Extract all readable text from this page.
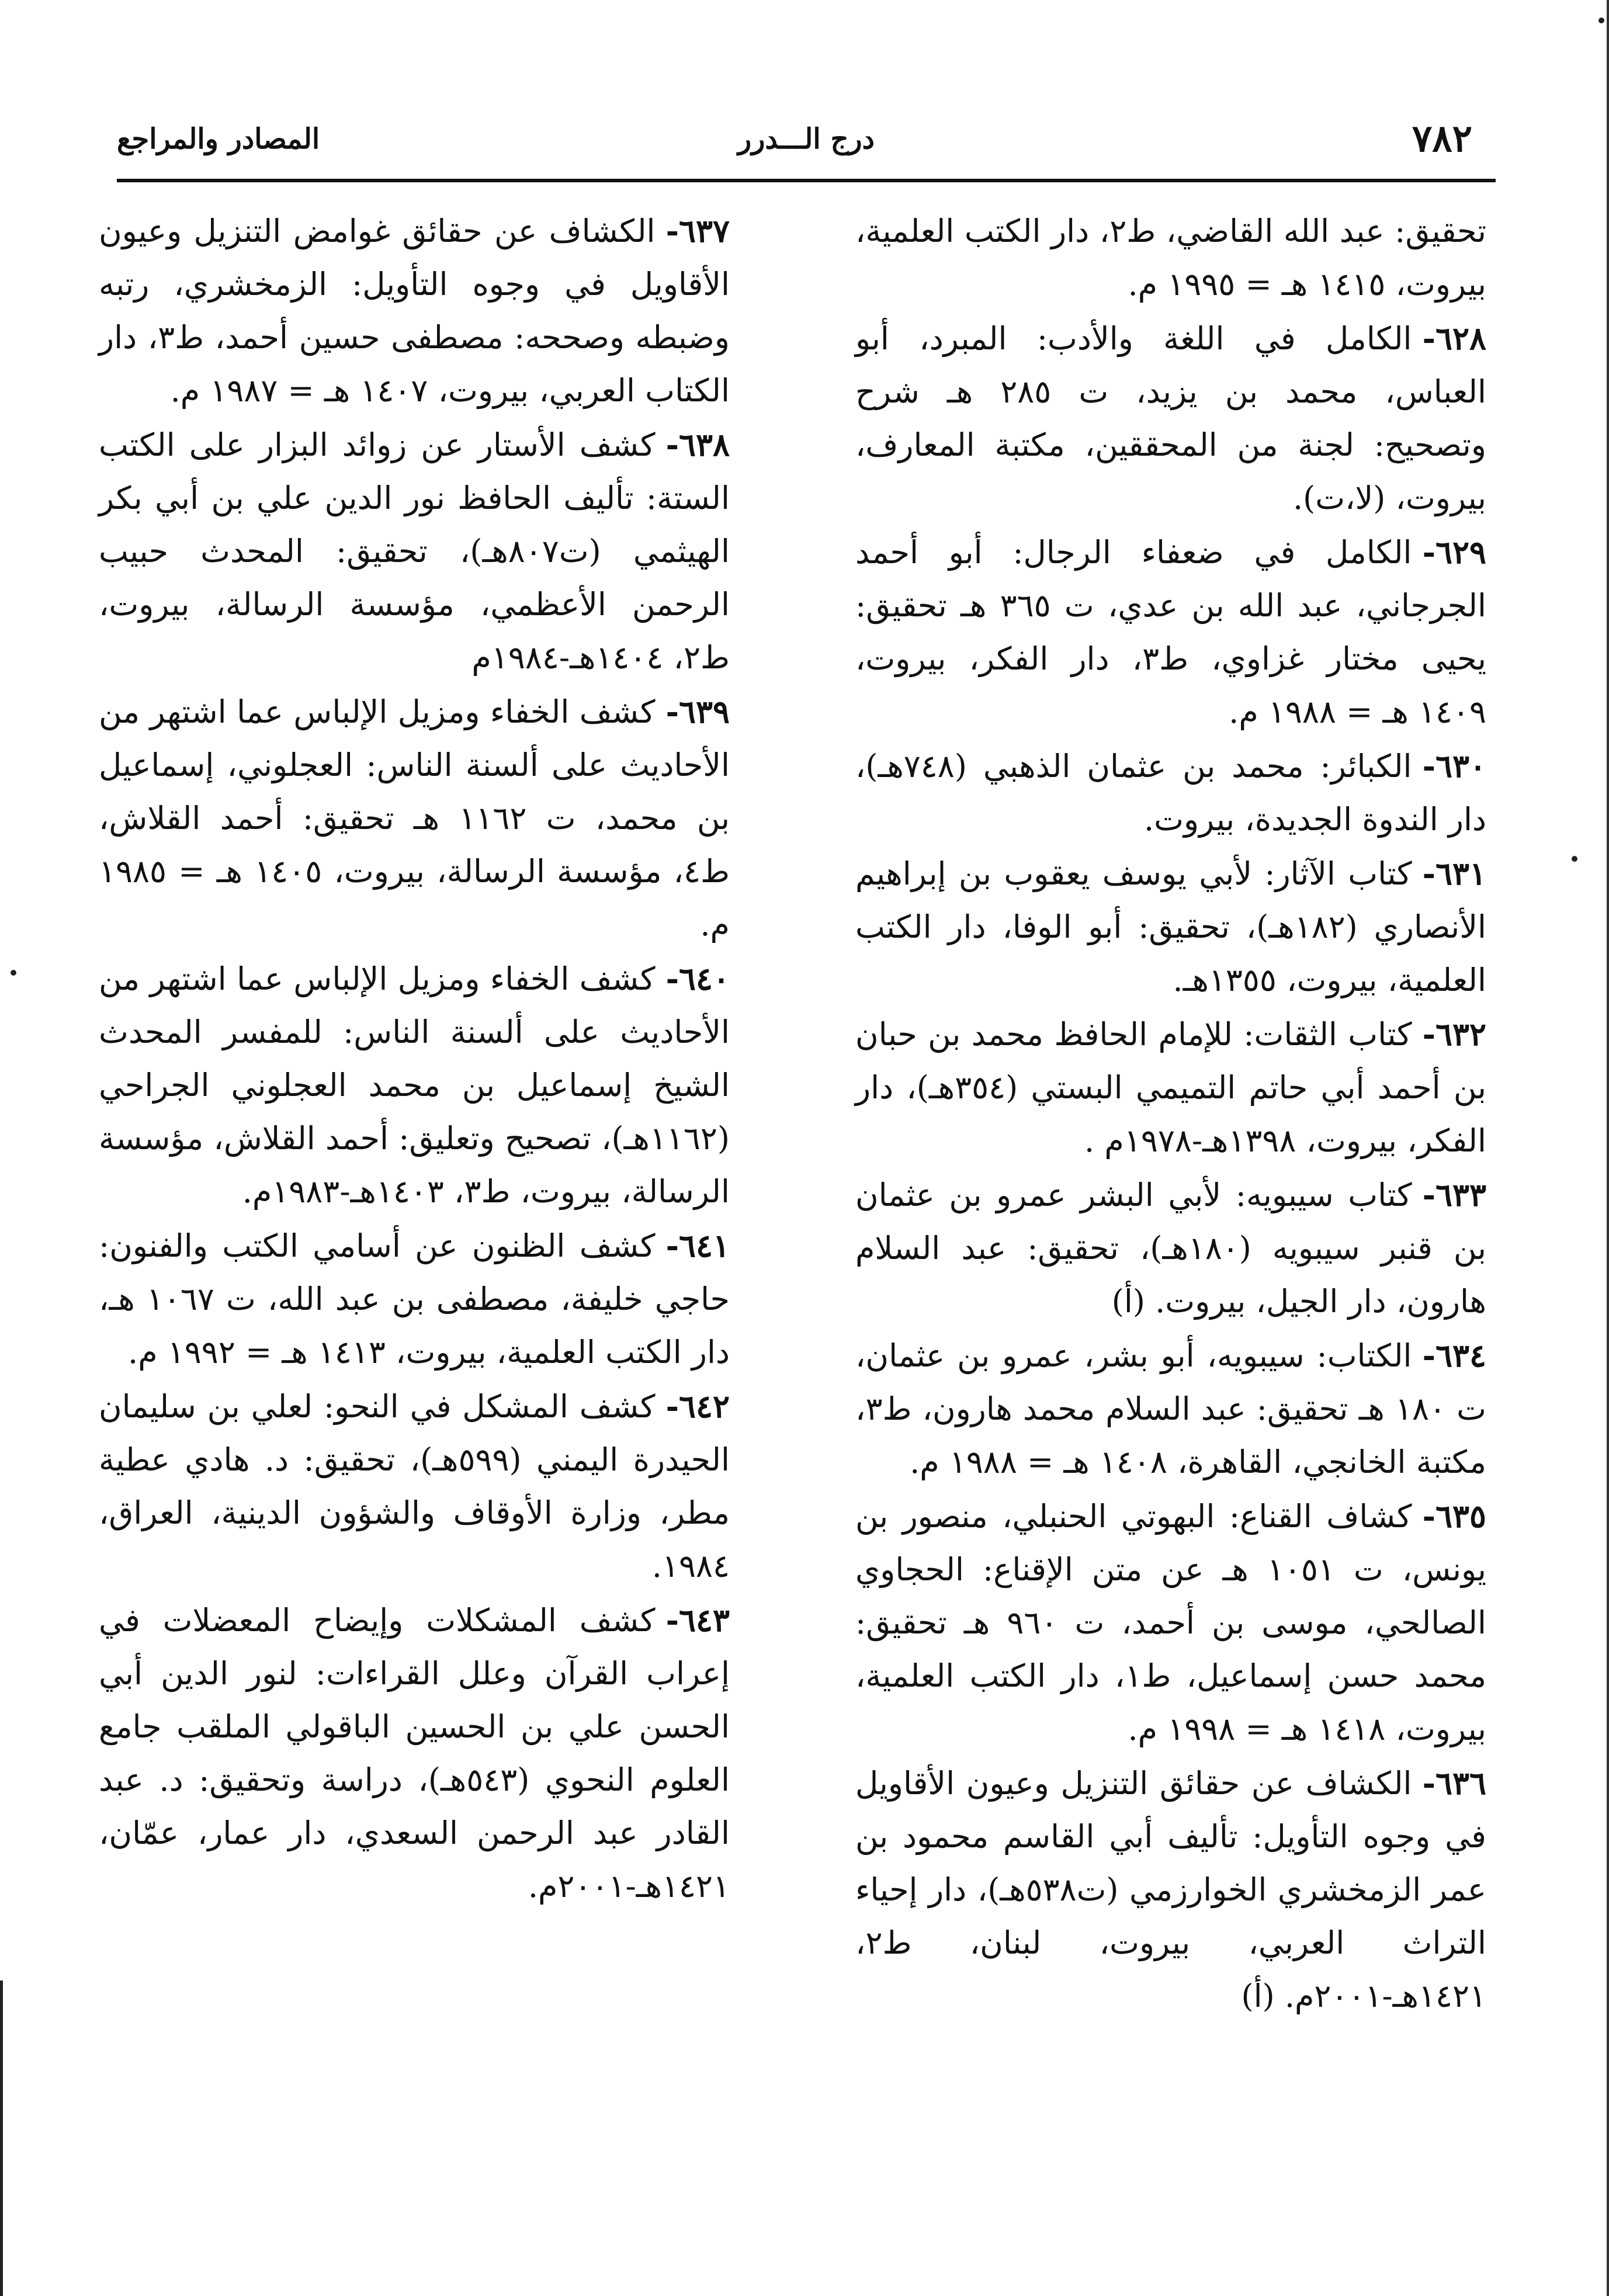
٧٨٢
درج الـــدرر
المصادر والمراجع
تحقيق: عبد الله القاضي، ط٢، دار الكتب العلمية، بيروت، ١٤١٥ هـ = ١٩٩٥ م.
٦٢٨-الكامل في اللغة والأدب: المبرد، أبو العباس، محمد بن يزيد، ت ٢٨٥ هـ شرح وتصحيح: لجنة من المحققين، مكتبة المعارف، بيروت، (لا،ت).
٦٢٩-الكامل في ضعفاء الرجال: أبو أحمد الجرجاني، عبد الله بن عدي، ت ٣٦٥ هـ تحقيق: يحيى مختار غزاوي، ط٣، دار الفكر، بيروت، ١٤٠٩ هـ = ١٩٨٨ م.
٦٣٠-الكبائر: محمد بن عثمان الذهبي (٧٤٨هـ)، دار الندوة الجديدة، بيروت.
٦٣١-كتاب الآثار: لأبي يوسف يعقوب بن إبراهيم الأنصاري (١٨٢هـ)، تحقيق: أبو الوفا، دار الكتب العلمية، بيروت، ١٣٥٥هـ.
٦٣٢-كتاب الثقات: للإمام الحافظ محمد بن حبان بن أحمد أبي حاتم التميمي البستي (٣٥٤هـ)، دار الفكر، بيروت، ١٣٩٨هـ-١٩٧٨م .
٦٣٣-كتاب سيبويه: لأبي البشر عمرو بن عثمان بن قنبر سيبويه (١٨٠هـ)، تحقيق: عبد السلام هارون، دار الجيل، بيروت. (أ)
٦٣٤-الكتاب: سيبويه، أبو بشر، عمرو بن عثمان، ت ١٨٠ هـ تحقيق: عبد السلام محمد هارون، ط٣، مكتبة الخانجي، القاهرة، ١٤٠٨ هـ = ١٩٨٨ م.
٦٣٥-كشاف القناع: البهوتي الحنبلي، منصور بن يونس، ت ١٠٥١ هـ عن متن الإقناع: الحجاوي الصالحي، موسى بن أحمد، ت ٩٦٠ هـ تحقيق: محمد حسن إسماعيل، ط١، دار الكتب العلمية، بيروت، ١٤١٨ هـ = ١٩٩٨ م.
٦٣٦-الكشاف عن حقائق التنزيل وعيون الأقاويل في وجوه التأويل: تأليف أبي القاسم محمود بن عمر الزمخشري الخوارزمي (ت٥٣٨هـ)، دار إحياء التراث العربي، بيروت، لبنان، ط٢، ١٤٢١هـ-٢٠٠١م. (أ)
٦٣٧-الكشاف عن حقائق غوامض التنزيل وعيون الأقاويل في وجوه التأويل: الزمخشري، رتبه وضبطه وصححه: مصطفى حسين أحمد، ط٣، دار الكتاب العربي، بيروت، ١٤٠٧ هـ = ١٩٨٧ م.
٦٣٨-كشف الأستار عن زوائد البزار على الكتب الستة: تأليف الحافظ نور الدين علي بن أبي بكر الهيثمي (ت٨٠٧هـ)، تحقيق: المحدث حبيب الرحمن الأعظمي، مؤسسة الرسالة، بيروت، ط٢، ١٤٠٤هـ-١٩٨٤م
٦٣٩-كشف الخفاء ومزيل الإلباس عما اشتهر من الأحاديث على ألسنة الناس: العجلوني، إسماعيل بن محمد، ت ١١٦٢ هـ تحقيق: أحمد القلاش، ط٤، مؤسسة الرسالة، بيروت، ١٤٠٥ هـ = ١٩٨٥ م.
٦٤٠-كشف الخفاء ومزيل الإلباس عما اشتهر من الأحاديث على ألسنة الناس: للمفسر المحدث الشيخ إسماعيل بن محمد العجلوني الجراحي (١١٦٢هـ)، تصحيح وتعليق: أحمد القلاش، مؤسسة الرسالة، بيروت، ط٣، ١٤٠٣هـ-١٩٨٣م.
٦٤١-كشف الظنون عن أسامي الكتب والفنون: حاجي خليفة، مصطفى بن عبد الله، ت ١٠٦٧ هـ، دار الكتب العلمية، بيروت، ١٤١٣ هـ = ١٩٩٢ م.
٦٤٢-كشف المشكل في النحو: لعلي بن سليمان الحيدرة اليمني (٥٩٩هـ)، تحقيق: د. هادي عطية مطر، وزارة الأوقاف والشؤون الدينية، العراق، ١٩٨٤.
٦٤٣-كشف المشكلات وإيضاح المعضلات في إعراب القرآن وعلل القراءات: لنور الدين أبي الحسن علي بن الحسين الباقولي الملقب جامع العلوم النحوي (٥٤٣هـ)، دراسة وتحقيق: د. عبد القادر عبد الرحمن السعدي، دار عمار، عمّان، ١٤٢١هـ-٢٠٠١م.
